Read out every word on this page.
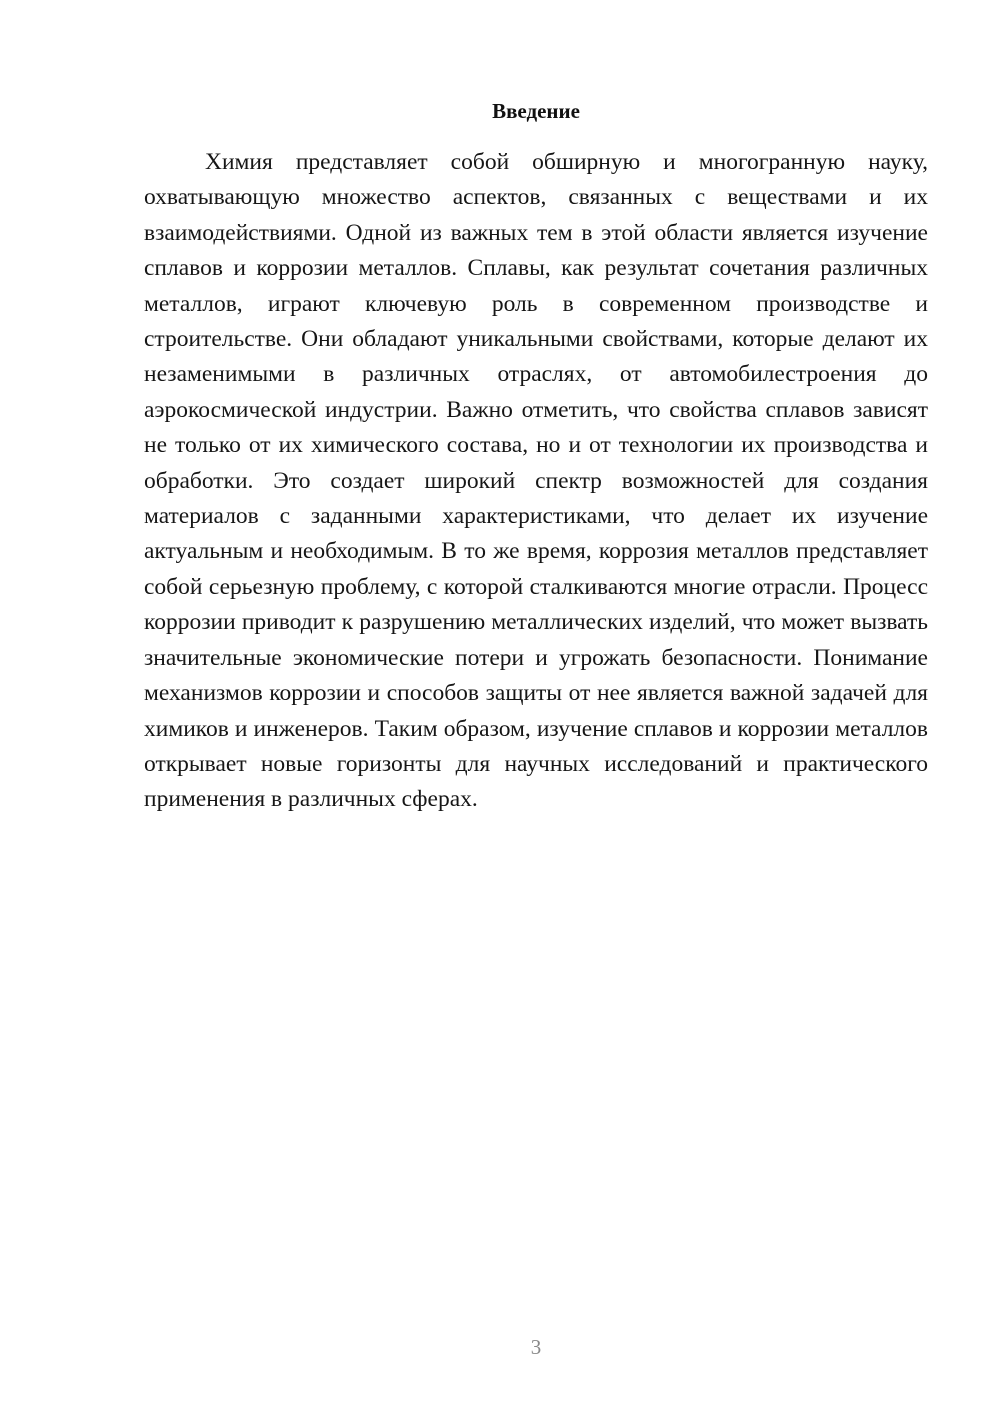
Введение

Химия представляет собой обширную и многогранную науку, охватывающую множество аспектов, связанных с веществами и их взаимодействиями. Одной из важных тем в этой области является изучение сплавов и коррозии металлов. Сплавы, как результат сочетания различных металлов, играют ключевую роль в современном производстве и строительстве. Они обладают уникальными свойствами, которые делают их незаменимыми в различных отраслях, от автомобилестроения до аэрокосмической индустрии. Важно отметить, что свойства сплавов зависят не только от их химического состава, но и от технологии их производства и обработки. Это создает широкий спектр возможностей для создания материалов с заданными характеристиками, что делает их изучение актуальным и необходимым. В то же время, коррозия металлов представляет собой серьезную проблему, с которой сталкиваются многие отрасли. Процесс коррозии приводит к разрушению металлических изделий, что может вызвать значительные экономические потери и угрожать безопасности. Понимание механизмов коррозии и способов защиты от нее является важной задачей для химиков и инженеров. Таким образом, изучение сплавов и коррозии металлов открывает новые горизонты для научных исследований и практического применения в различных сферах.

3
